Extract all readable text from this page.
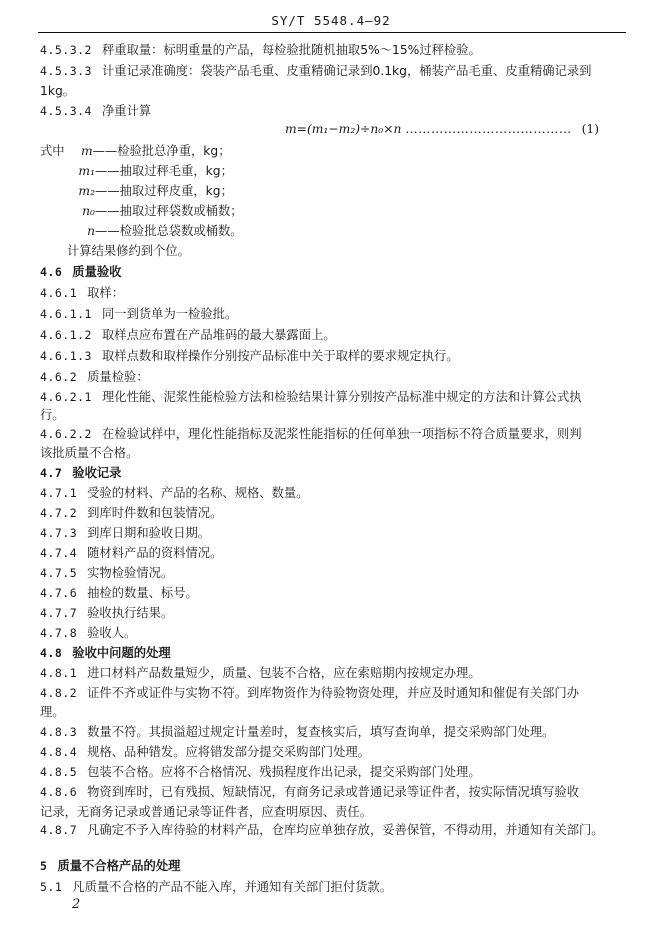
SY/T 5548.4—92
4.5.3.2 秤重取量：标明重量的产品，每检验批随机抽取5%～15%过秤检验。
4.5.3.3 计重记录准确度：袋装产品毛重、皮重精确记录到0.1kg，桶装产品毛重、皮重精确记录到
1kg。
4.5.3.4 净重计算
m=(m₁−m₂)÷n₀×n ………………………………… (1)
式中 m——检验批总净重，kg；
m₁——抽取过秤毛重，kg；
m₂——抽取过秤皮重，kg；
n₀——抽取过秤袋数或桶数；
n——检验批总袋数或桶数。
计算结果修约到个位。
4.6 质量验收
4.6.1 取样：
4.6.1.1 同一到货单为一检验批。
4.6.1.2 取样点应布置在产品堆码的最大暴露面上。
4.6.1.3 取样点数和取样操作分别按产品标准中关于取样的要求规定执行。
4.6.2 质量检验：
4.6.2.1 理化性能、泥浆性能检验方法和检验结果计算分别按产品标准中规定的方法和计算公式执
行。
4.6.2.2 在检验试样中，理化性能指标及泥浆性能指标的任何单独一项指标不符合质量要求，则判
该批质量不合格。
4.7 验收记录
4.7.1 受验的材料、产品的名称、规格、数量。
4.7.2 到库时件数和包装情况。
4.7.3 到库日期和验收日期。
4.7.4 随材料产品的资料情况。
4.7.5 实物检验情况。
4.7.6 抽检的数量、标号。
4.7.7 验收执行结果。
4.7.8 验收人。
4.8 验收中问题的处理
4.8.1 进口材料产品数量短少，质量、包装不合格，应在索赔期内按规定办理。
4.8.2 证件不齐或证件与实物不符。到库物资作为待验物资处理，并应及时通知和催促有关部门办
理。
4.8.3 数量不符。其损溢超过规定计量差时，复查核实后，填写查询单，提交采购部门处理。
4.8.4 规格、品种错发。应将错发部分提交采购部门处理。
4.8.5 包装不合格。应将不合格情况、残损程度作出记录，提交采购部门处理。
4.8.6 物资到库时，已有残损、短缺情况，有商务记录或普通记录等证件者，按实际情况填写验收
记录，无商务记录或普通记录等证件者，应查明原因、责任。
4.8.7 凡确定不予入库待验的材料产品，仓库均应单独存放，妥善保管，不得动用，并通知有关部门。
5 质量不合格产品的处理
5.1 凡质量不合格的产品不能入库，并通知有关部门拒付货款。
2
